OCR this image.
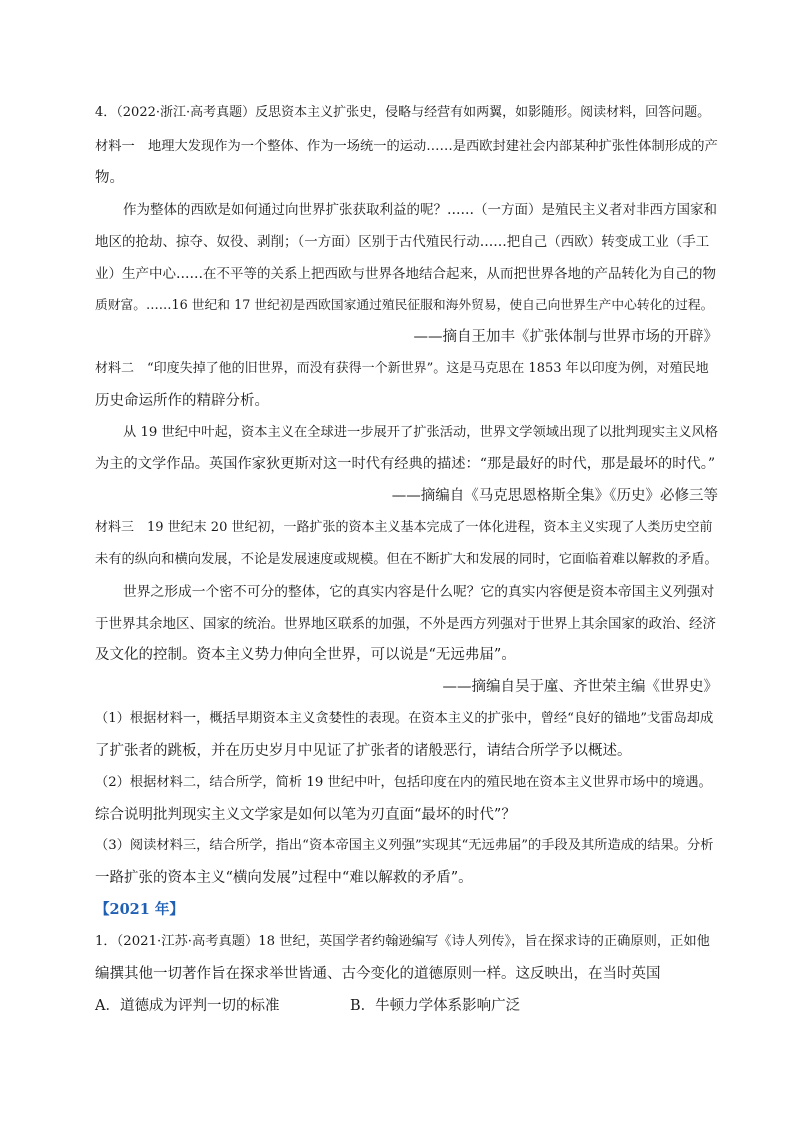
4．（2022·浙江·高考真题）反思资本主义扩张史，侵略与经营有如两翼，如影随形。阅读材料，回答问题。
材料一　地理大发现作为一个整体、作为一场统一的运动……是西欧封建社会内部某种扩张性体制形成的产
物。
作为整体的西欧是如何通过向世界扩张获取利益的呢？……（一方面）是殖民主义者对非西方国家和
地区的抢劫、掠夺、奴役、剥削；（一方面）区别于古代殖民行动……把自己（西欧）转变成工业（手工
业）生产中心……在不平等的关系上把西欧与世界各地结合起来，从而把世界各地的产品转化为自己的物
质财富。……16 世纪和 17 世纪初是西欧国家通过殖民征服和海外贸易，使自己向世界生产中心转化的过程。
——摘自王加丰《扩张体制与世界市场的开辟》
材料二　“印度失掉了他的旧世界，而没有获得一个新世界”。这是马克思在 1853 年以印度为例，对殖民地
历史命运所作的精辟分析。
从 19 世纪中叶起，资本主义在全球进一步展开了扩张活动，世界文学领域出现了以批判现实主义风格
为主的文学作品。英国作家狄更斯对这一时代有经典的描述：“那是最好的时代，那是最坏的时代。”
——摘编自《马克思恩格斯全集》《历史》必修三等
材料三　19 世纪末 20 世纪初，一路扩张的资本主义基本完成了一体化进程，资本主义实现了人类历史空前
未有的纵向和横向发展，不论是发展速度或规模。但在不断扩大和发展的同时，它面临着难以解救的矛盾。
世界之形成一个密不可分的整体，它的真实内容是什么呢？它的真实内容便是资本帝国主义列强对
于世界其余地区、国家的统治。世界地区联系的加强，不外是西方列强对于世界上其余国家的政治、经济
及文化的控制。资本主义势力伸向全世界，可以说是“无远弗届”。
——摘编自吴于廑、齐世荣主编《世界史》
（1）根据材料一，概括早期资本主义贪婪性的表现。在资本主义的扩张中，曾经“良好的锚地”戈雷岛却成
了扩张者的跳板，并在历史岁月中见证了扩张者的诸般恶行，请结合所学予以概述。
（2）根据材料二，结合所学，简析 19 世纪中叶，包括印度在内的殖民地在资本主义世界市场中的境遇。
综合说明批判现实主义文学家是如何以笔为刃直面“最坏的时代”？
（3）阅读材料三，结合所学，指出“资本帝国主义列强”实现其“无远弗届”的手段及其所造成的结果。分析
一路扩张的资本主义“横向发展”过程中“难以解救的矛盾”。
【2021 年】
1．（2021·江苏·高考真题）18 世纪，英国学者约翰逊编写《诗人列传》，旨在探求诗的正确原则，正如他
编撰其他一切著作旨在探求举世皆通、古今变化的道德原则一样。这反映出，在当时英国
A．道德成为评判一切的标准	B．牛顿力学体系影响广泛
